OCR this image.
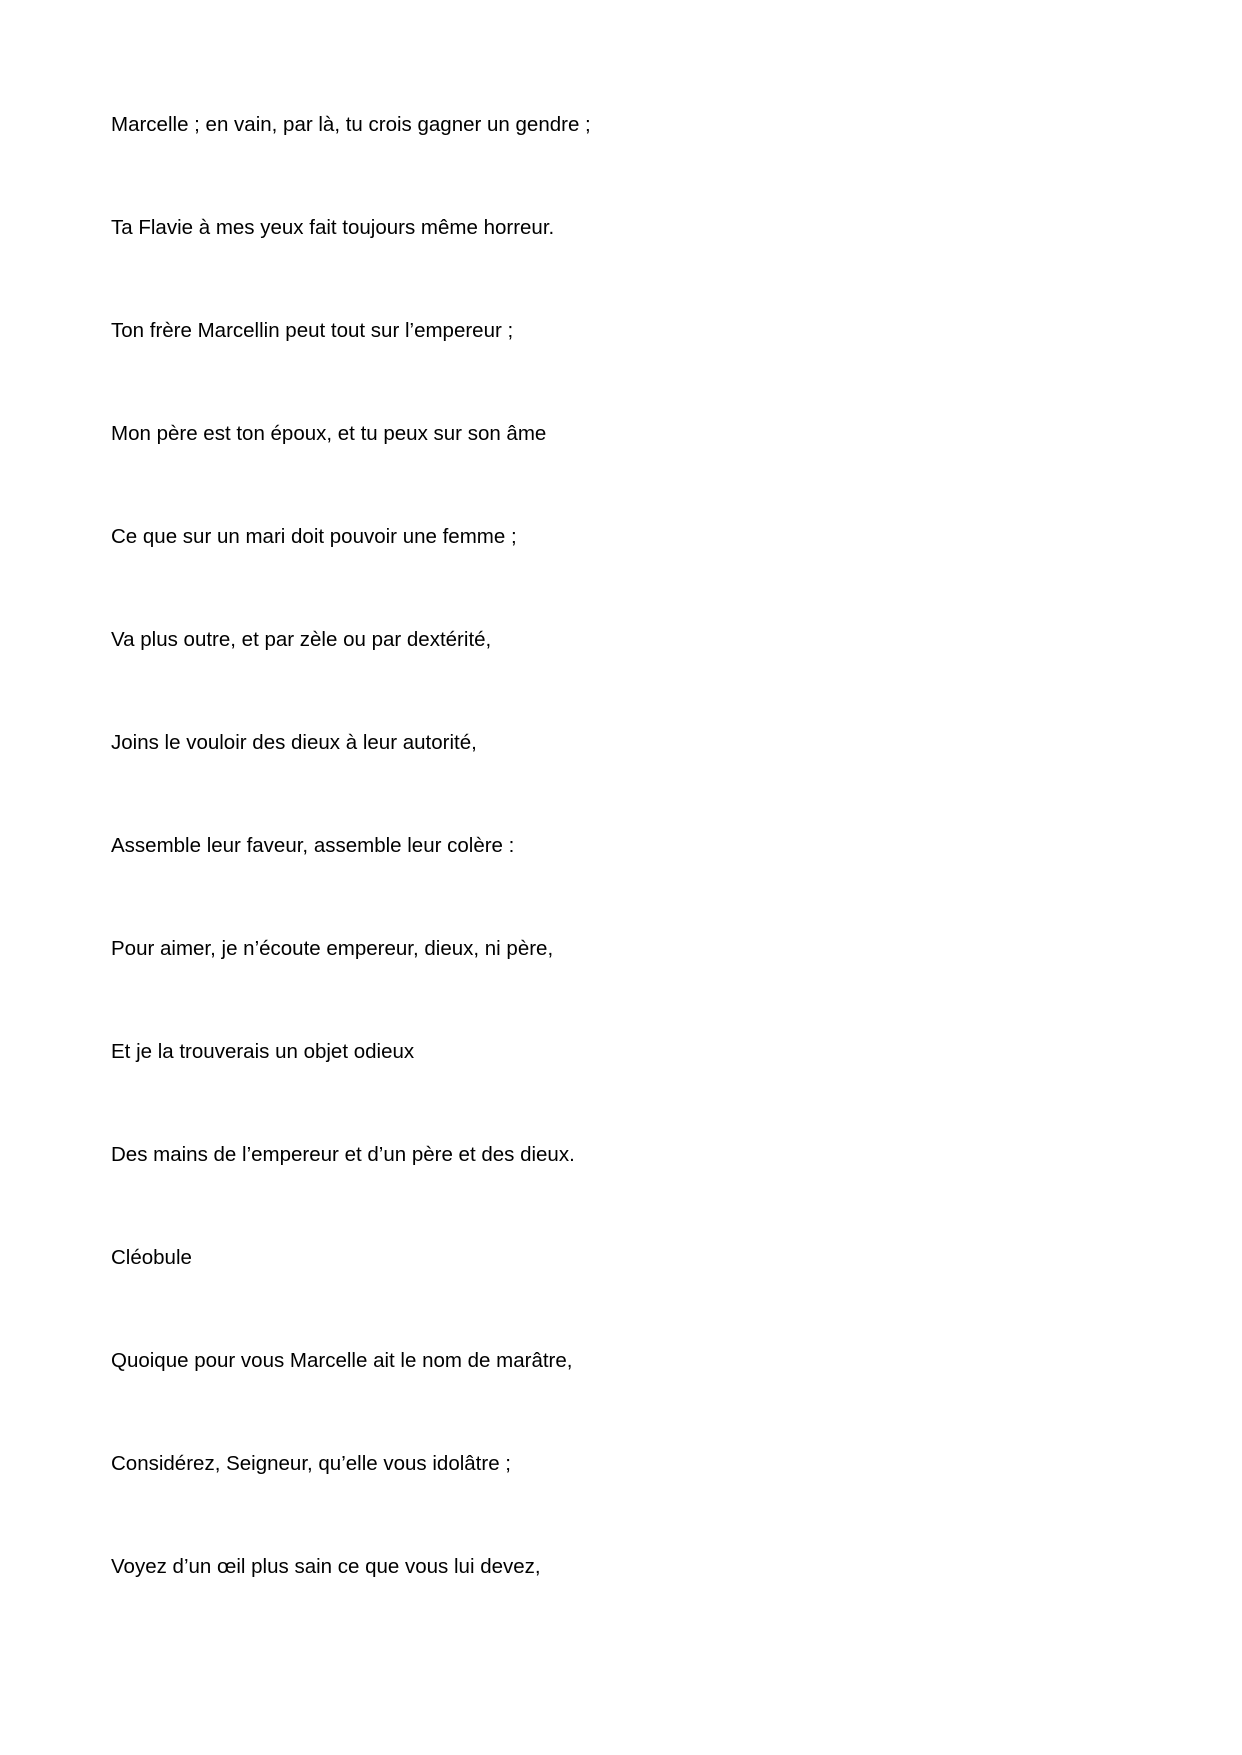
Marcelle ; en vain, par là, tu crois gagner un gendre ;
Ta Flavie à mes yeux fait toujours même horreur.
Ton frère Marcellin peut tout sur l’empereur ;
Mon père est ton époux, et tu peux sur son âme
Ce que sur un mari doit pouvoir une femme ;
Va plus outre, et par zèle ou par dextérité,
Joins le vouloir des dieux à leur autorité,
Assemble leur faveur, assemble leur colère :
Pour aimer, je n’écoute empereur, dieux, ni père,
Et je la trouverais un objet odieux
Des mains de l’empereur et d’un père et des dieux.
Cléobule
Quoique pour vous Marcelle ait le nom de marâtre,
Considérez, Seigneur, qu’elle vous idolâtre ;
Voyez d’un œil plus sain ce que vous lui devez,
